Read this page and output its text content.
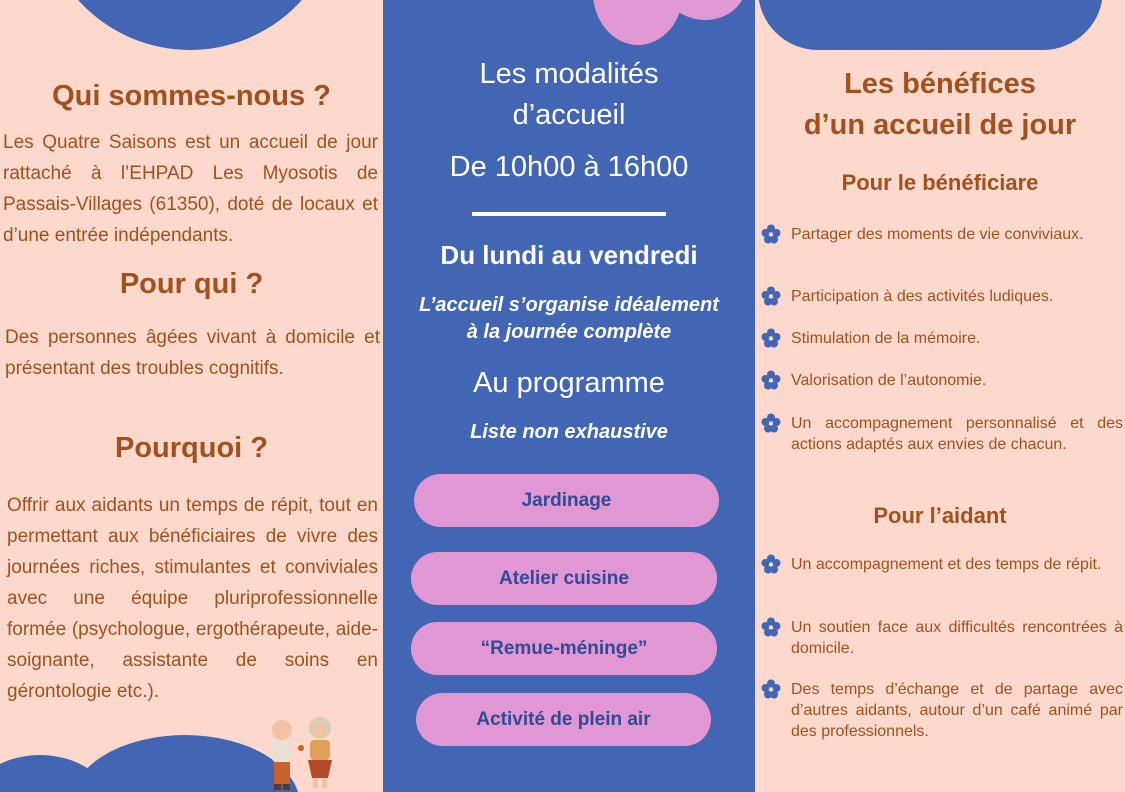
Qui sommes-nous ?

Les Quatre Saisons est un accueil de jour rattaché à l’EHPAD Les Myosotis de Passais-Villages (61350), doté de locaux et d’une entrée indépendants.

Pour qui ?

Des personnes âgées vivant à domicile et présentant des troubles cognitifs.

Pourquoi ?

Offrir aux aidants un temps de répit, tout en permettant aux bénéficiaires de vivre des journées riches, stimulantes et conviviales avec une équipe pluriprofessionnelle formée (psychologue, ergothérapeute, aide-soignante, assistante de soins en gérontologie etc.).

Les modalités

d’accueil

De 10h00 à 16h00

Du lundi au vendredi

L’accueil s’organise idéalement

à la journée complète

Au programme

Liste non exhaustive

Jardinage
Atelier cuisine
“Remue-méninge”
Activité de plein air
Les bénéfices
d’un accueil de jour
Pour le bénéficiare

Partager des moments de vie conviviaux.

Participation à des activités ludiques.

Stimulation de la mémoire.

Valorisation de l’autonomie.

Un accompagnement personnalisé et des actions adaptés aux envies de chacun.

Pour l’aidant

Un accompagnement et des temps de répit.

Un soutien face aux difficultés rencontrées à domicile.

Des temps d’échange et de partage avec d’autres aidants, autour d’un café animé par des professionnels.
